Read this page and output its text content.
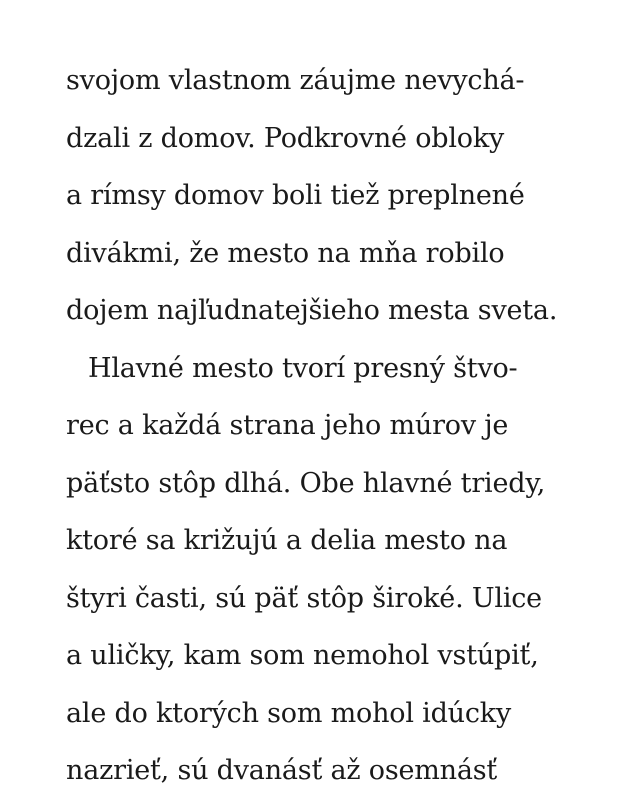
svojom vlastnom záujme nevychá-
dzali z domov. Podkrovné obloky
a rímsy domov boli tiež preplnené
divákmi, že mesto na mňa robilo
dojem najľudnatejšieho mesta sveta.
Hlavné mesto tvorí presný štvo-
rec a každá strana jeho múrov je
päťsto stôp dlhá. Obe hlavné triedy,
ktoré sa križujú a delia mesto na
štyri časti, sú päť stôp široké. Ulice
a uličky, kam som nemohol vstúpiť,
ale do ktorých som mohol idúcky
nazrieť, sú dvanásť až osemnásť
